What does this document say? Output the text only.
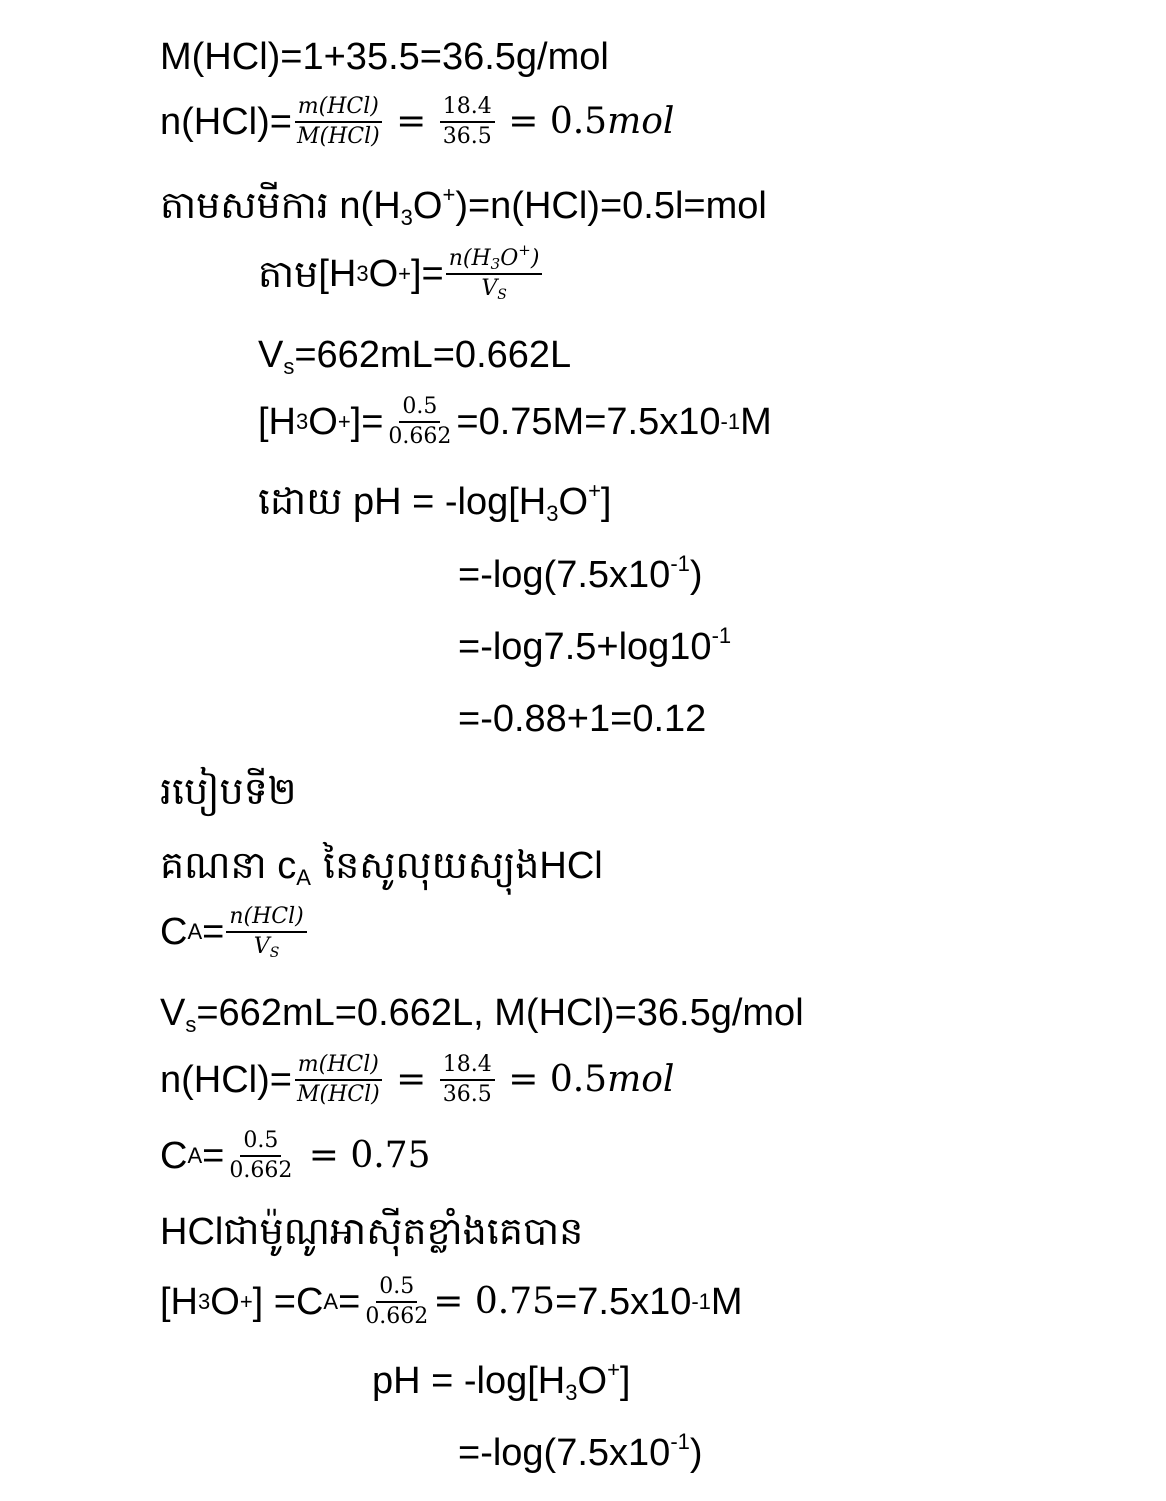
M(HCl)=1+35.5=36.5g/mol
$n(HCl)= \frac{\text{m(HCl)}}{\text{M(HCl)}} = \frac{18.4}{36.5} = 0.5$ mol
តាមសមីការ $n(H_3O^+)=n(HCl)=0.5l=mol$
តាម [H 3 O + ]= $\frac{n(H_3O^+)}{V_S}$
$V_s=662mL=0.662L$
[H 3 O + ]= $\frac{0.5}{0.662} =0.75M=7.5x10$ -1 M
ដោយ pH = $-\log[H_3O^+]$
$=-\log(7.5x10^{-1})$
$=-\log 7.5+\log 10^{-1}$
=-0.88+1=0.12
របៀបទី២
គណនា $c_A$ នៃសូលុយស្យុងHCl
C $A = \frac{\text{n(HCl)}}{V_S}$
$V_s=662mL=0.662L$, M(HCl)=36.5g/mol
$n(HCl)= \frac{\text{m(HCl)}}{\text{M(HCl)}} = \frac{18.4}{36.5} = 0.5$ mol
C $A = \frac{0.5}{0.662} = 0.75$
HClជាម៉ូណូអាស៊ីតខ្លាំងគេបាន
[H 3 O + ] =C $A = \frac{0.5}{0.662} = 0.75 =7.5x10$ -1 M
pH = $-\log[H_3O^+]$
$=-\log(7.5x10^{-1})$
